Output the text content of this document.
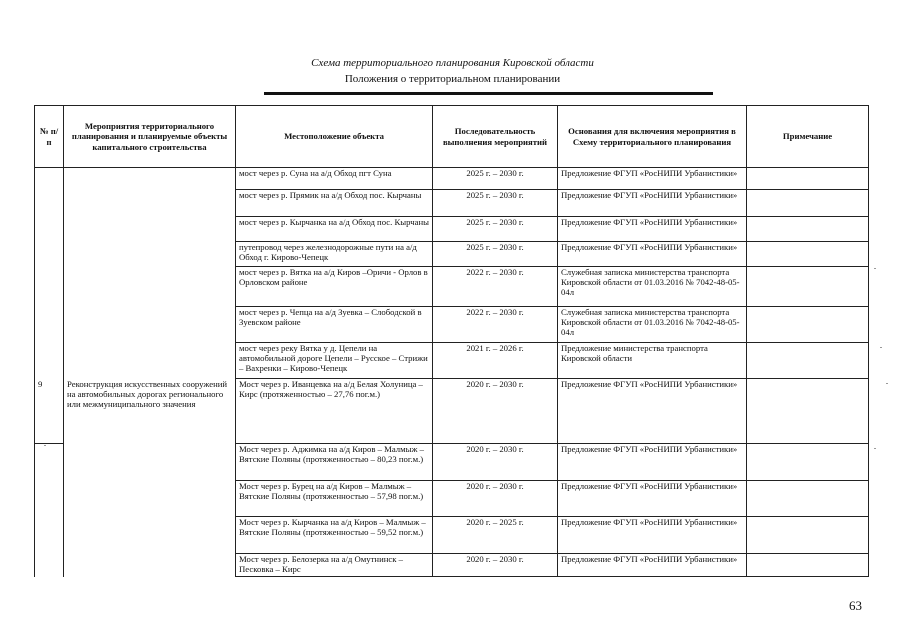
Схема территориального планирования Кировской области
Положения о территориальном планировании
№ п/п	Мероприятия территориального планирования и планируемые объекты капитального строительства	Местоположение объекта	Последовательность выполнения мероприятий	Основания для включения мероприятия в Схему территориального планирования	Примечание
		мост через р. Суна на а/д Обход пгт Суна	2025 г. – 2030 г.	Предложение ФГУП «РосНИПИ Урбанистики»	
		мост через р. Прямик на а/д Обход пос. Кырчаны	2025 г. – 2030 г.	Предложение ФГУП «РосНИПИ Урбанистики»	
		мост через р. Кырчанка на а/д Обход пос. Кырчаны	2025 г. – 2030 г.	Предложение ФГУП «РосНИПИ Урбанистики»	
		путепровод через железнодорожные пути на а/д Обход г. Кирово-Чепецк	2025 г. – 2030 г.	Предложение ФГУП «РосНИПИ Урбанистики»	
		мост через р. Вятка на а/д Киров –Оричи - Орлов в Орловском районе	2022 г. – 2030 г.	Служебная записка министерства транспорта Кировской области от 01.03.2016 № 7042-48-05-04л	
		мост через р. Чепца на а/д Зуевка – Слободской в Зуевском районе	2022 г. – 2030 г.	Служебная записка министерства транспорта Кировской области от 01.03.2016 № 7042-48-05-04л	
		мост через реку Вятка у д. Цепели на автомобильной дороге Цепели – Русское – Стрижи – Вахренки – Кирово-Чепецк	2021 г. – 2026 г.	Предложение министерства транспорта Кировской области	
9	Реконструкция искусственных сооружений на автомобильных дорогах регионального или межмуниципального значения	Мост через р. Иванцевка на а/д Белая Холуница – Кирс (протяженностью – 27,76 пог.м.)	2020 г. – 2030 г.	Предложение ФГУП «РосНИПИ Урбанистики»	
		Мост через р. Аджимка на а/д Киров – Малмыж – Вятские Поляны (протяженностью – 80,23 пог.м.)	2020 г. – 2030 г.	Предложение ФГУП «РосНИПИ Урбанистики»	
		Мост через р. Бурец на а/д Киров – Малмыж – Вятские Поляны (протяженностью – 57,98 пог.м.)	2020 г. – 2030 г.	Предложение ФГУП «РосНИПИ Урбанистики»	
		Мост через р. Кырчанка на а/д Киров – Малмыж – Вятские Поляны (протяженностью – 59,52 пог.м.)	2020 г. – 2025 г.	Предложение ФГУП «РосНИПИ Урбанистики»	
		Мост через р. Белозерка на а/д Омутнинск – Песковка – Кирс	2020 г. – 2030 г.	Предложение ФГУП «РосНИПИ Урбанистики»	
63
